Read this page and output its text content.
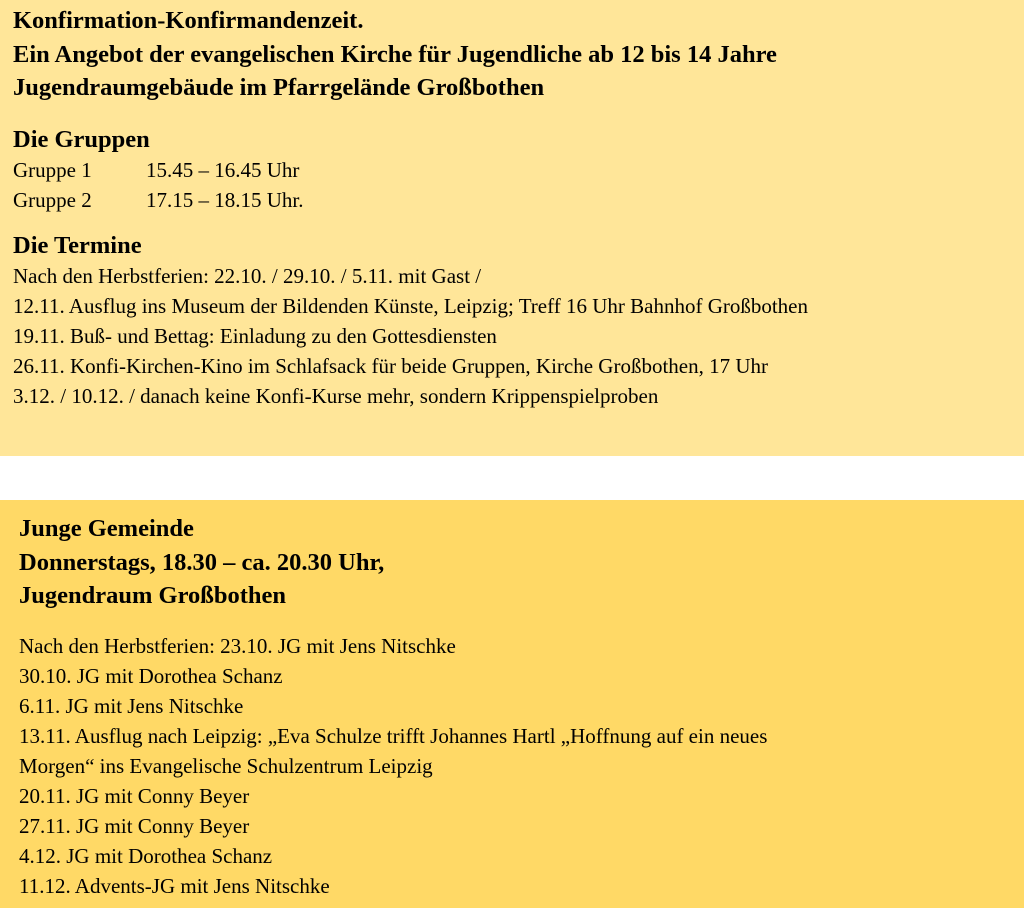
Konfirmation-Konfirmandenzeit.

Ein Angebot der evangelischen Kirche für Jugendliche ab 12 bis 14 Jahre

Jugendraumgebäude im Pfarrgelände Großbothen

Die Gruppen

Gruppe 1	15.45 – 16.45 Uhr
Gruppe 2	17.15 – 18.15 Uhr.

Die Termine

Nach den Herbstferien: 22.10. / 29.10. / 5.11. mit Gast /

12.11. Ausflug ins Museum der Bildenden Künste, Leipzig; Treff 16 Uhr Bahnhof Großbothen

19.11. Buß- und Bettag: Einladung zu den Gottesdiensten

26.11. Konfi-Kirchen-Kino im Schlafsack für beide Gruppen, Kirche Großbothen, 17 Uhr

3.12. / 10.12. / danach keine Konfi-Kurse mehr, sondern Krippenspielproben

Junge Gemeinde

Donnerstags, 18.30 – ca. 20.30 Uhr,

Jugendraum Großbothen

Nach den Herbstferien: 23.10. JG mit Jens Nitschke

30.10. JG mit Dorothea Schanz

6.11. JG mit Jens Nitschke

13.11. Ausflug nach Leipzig: „Eva Schulze trifft Johannes Hartl „Hoffnung auf ein neues

Morgen“ ins Evangelische Schulzentrum Leipzig

20.11. JG mit Conny Beyer

27.11. JG mit Conny Beyer

4.12. JG mit Dorothea Schanz

11.12. Advents-JG mit Jens Nitschke
